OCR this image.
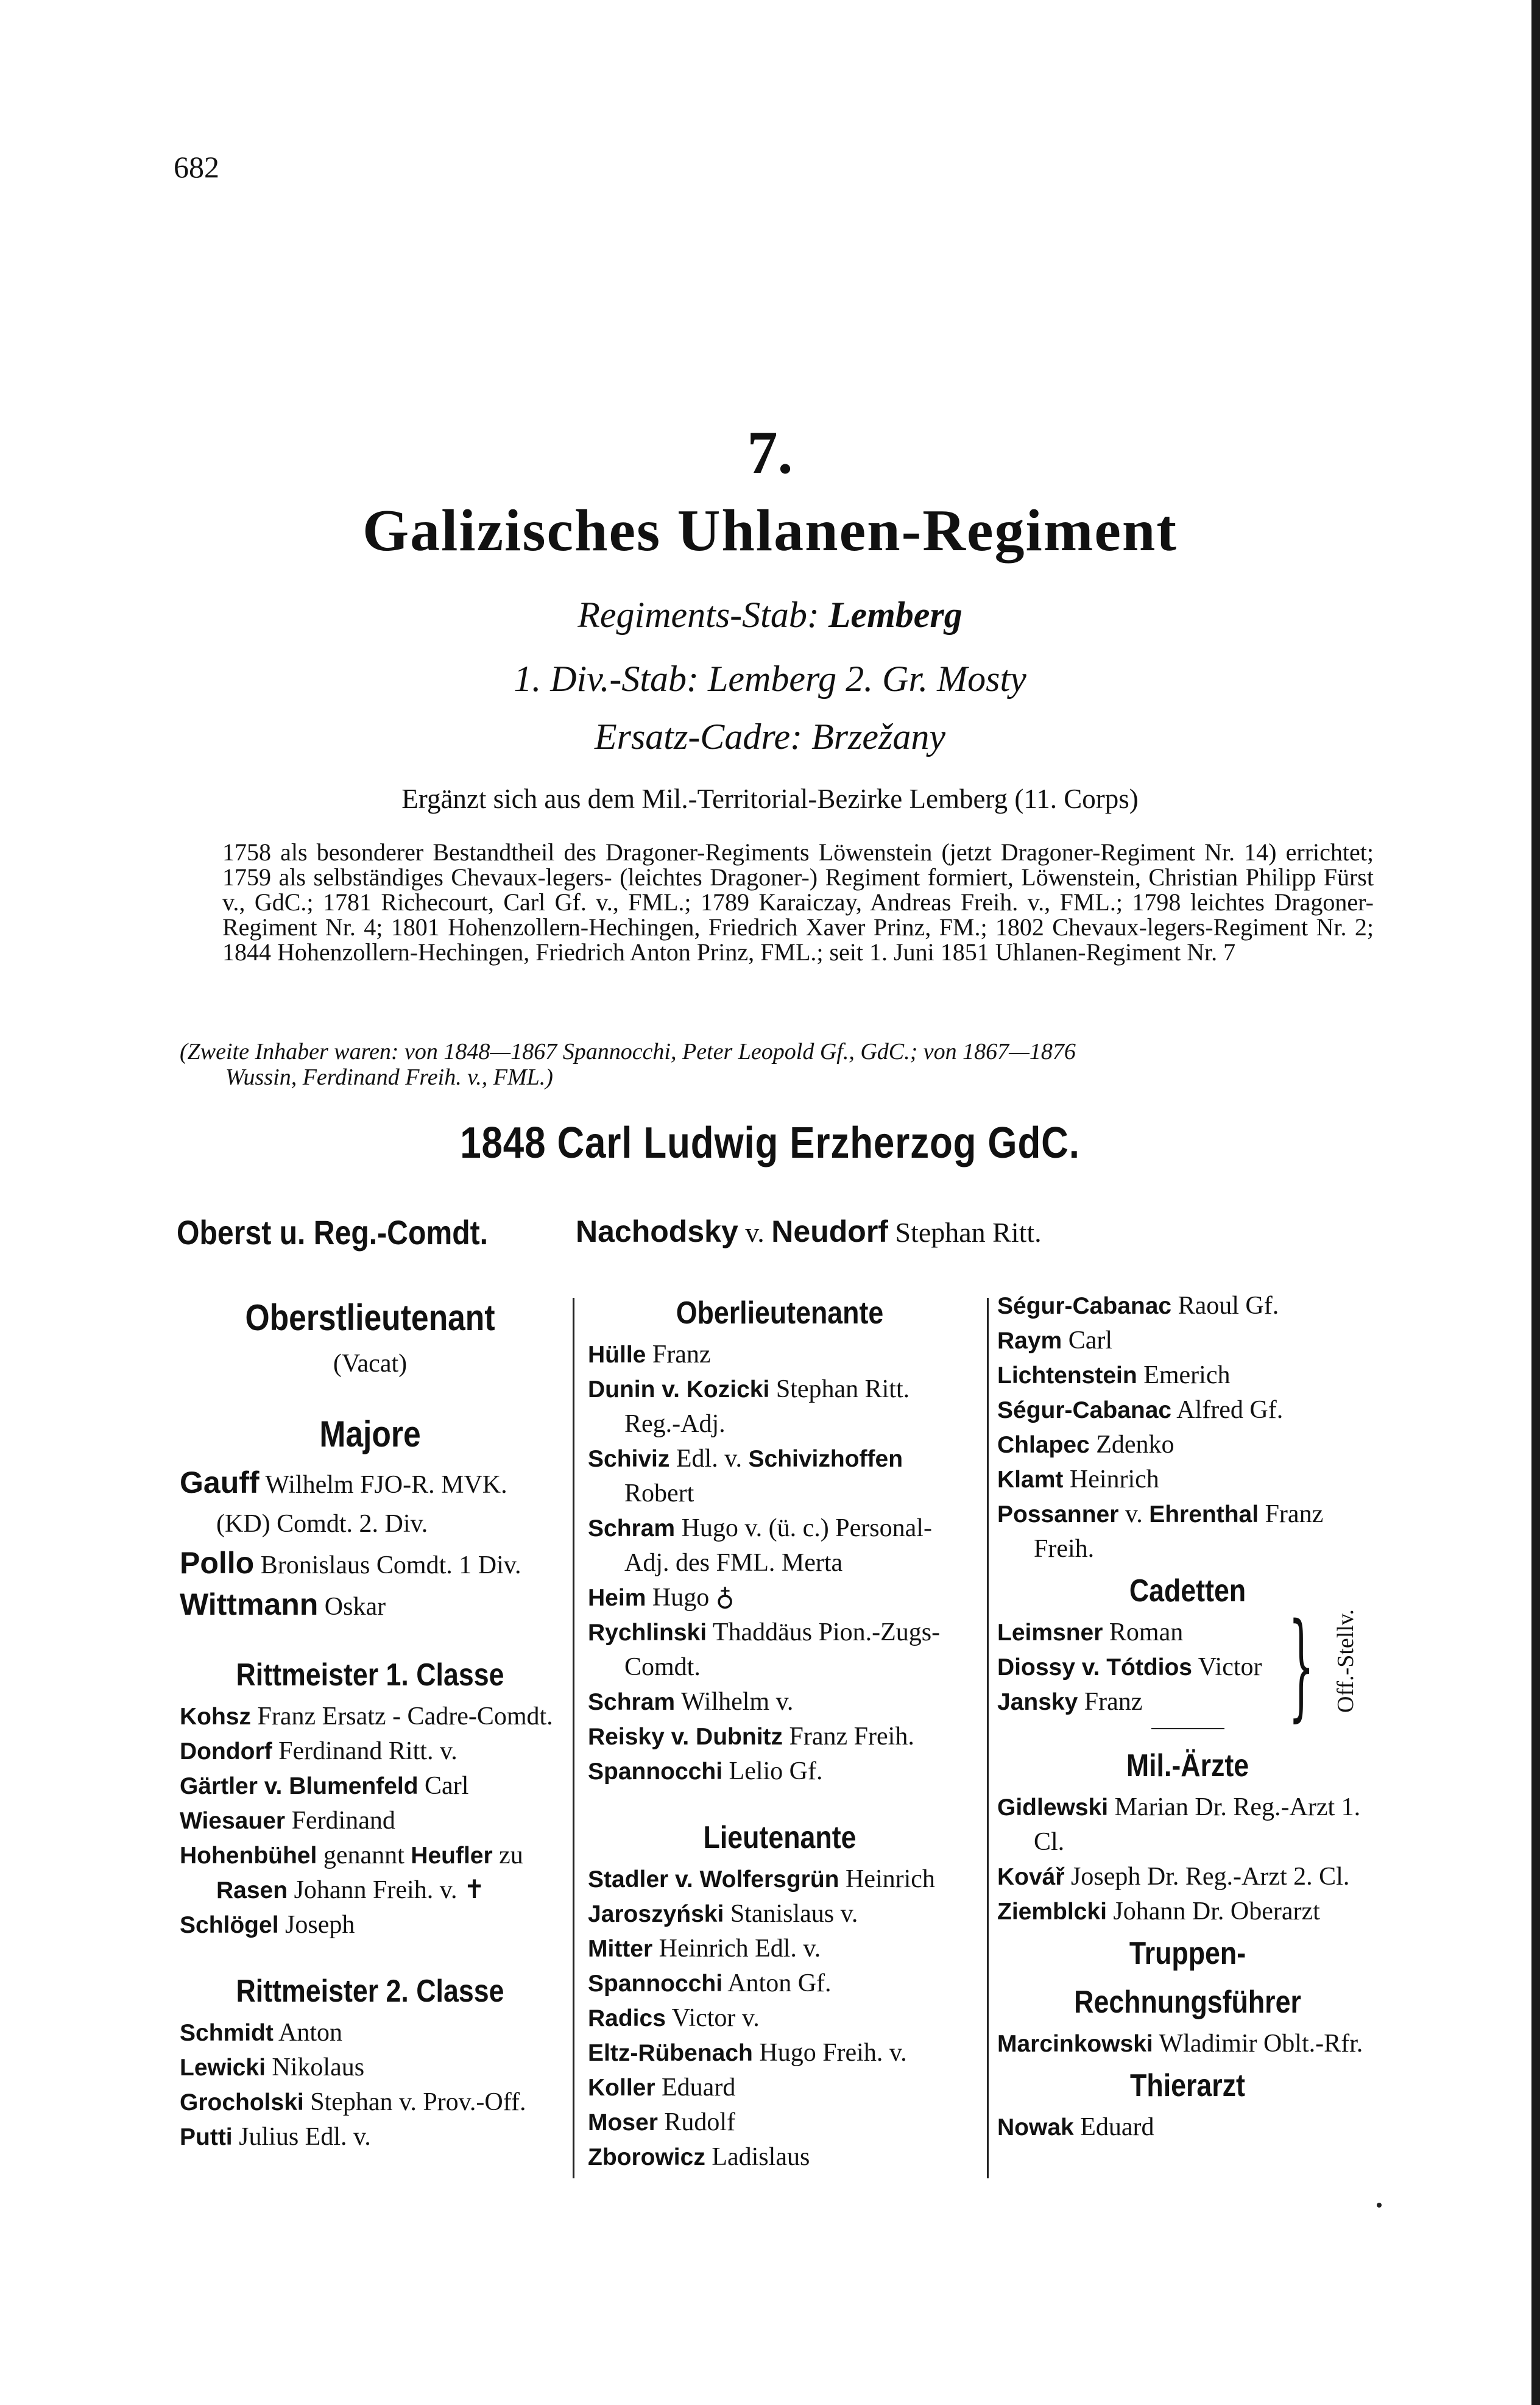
682
7.
Galizisches Uhlanen-Regiment
Regiments-Stab: Lemberg
1. Div.-Stab: Lemberg 2. Gr. Mosty
Ersatz-Cadre: Brzežany
Ergänzt sich aus dem Mil.-Territorial-Bezirke Lemberg (11. Corps)

1758 als besonderer Bestandtheil des Dragoner-Regiments Löwenstein (jetzt Dragoner-Regiment Nr. 14) errichtet; 1759 als selbständiges Chevaux-legers- (leichtes Dragoner-) Regiment formiert, Löwenstein, Christian Philipp Fürst v., GdC.; 1781 Richecourt, Carl Gf. v., FML.; 1789 Karaiczay, Andreas Freih. v., FML.; 1798 leichtes Dragoner-Regiment Nr. 4; 1801 Hohenzollern-Hechingen, Friedrich Xaver Prinz, FM.; 1802 Chevaux-legers-Regiment Nr. 2; 1844 Hohenzollern-Hechingen, Friedrich Anton Prinz, FML.; seit 1. Juni 1851 Uhlanen-Regiment Nr. 7

(Zweite Inhaber waren: von 1848—1867 Spannocchi, Peter Leopold Gf., GdC.; von 1867—1876
Wussin, Ferdinand Freih. v., FML.)
1848 Carl Ludwig Erzherzog GdC.
Oberst u. Reg.-Comdt.	Nachodsky v. Neudorf Stephan Ritt.
Oberstlieutenant
(Vacat)
Majore
Gauff Wilhelm FJO-R. MVK. (KD) Comdt. 2. Div.
Pollo Bronislaus Comdt. 1 Div.
Wittmann Oskar
Rittmeister 1. Classe
Kohsz Franz Ersatz - Cadre-Comdt.
Dondorf Ferdinand Ritt. v.
Gärtler v. Blumenfeld Carl
Wiesauer Ferdinand
Hohenbühel genannt Heufler zu Rasen Johann Freih. v. ✝
Schlögel Joseph
Rittmeister 2. Classe
Schmidt Anton
Lewicki Nikolaus
Grocholski Stephan v. Prov.-Off.
Putti Julius Edl. v.
Oberlieutenante
Hülle Franz
Dunin v. Kozicki Stephan Ritt. Reg.-Adj.
Schiviz Edl. v. Schivizhoffen Robert
Schram Hugo v. (ü. c.) Personal-Adj. des FML. Merta
Heim Hugo ♁
Rychlinski Thaddäus Pion.-Zugs-Comdt.
Schram Wilhelm v.
Reisky v. Dubnitz Franz Freih.
Spannocchi Lelio Gf.
Lieutenante
Stadler v. Wolfersgrün Heinrich
Jaroszyński Stanislaus v.
Mitter Heinrich Edl. v.
Spannocchi Anton Gf.
Radics Victor v.
Eltz-Rübenach Hugo Freih. v.
Koller Eduard
Moser Rudolf
Zborowicz Ladislaus
Ségur-Cabanac Raoul Gf.
Raym Carl
Lichtenstein Emerich
Ségur-Cabanac Alfred Gf.
Chlapec Zdenko
Klamt Heinrich
Possanner v. Ehrenthal Franz Freih.
Cadetten
Leimsner Roman
Diossy v. Tótdios Victor
Jansky Franz	} Off.-Stellv.
Mil.-Ärzte
Gidlewski Marian Dr. Reg.-Arzt 1. Cl.
Kovář Joseph Dr. Reg.-Arzt 2. Cl.
Ziemblcki Johann Dr. Oberarzt
Truppen-Rechnungsführer
Marcinkowski Wladimir Oblt.-Rfr.
Thierarzt
Nowak Eduard
